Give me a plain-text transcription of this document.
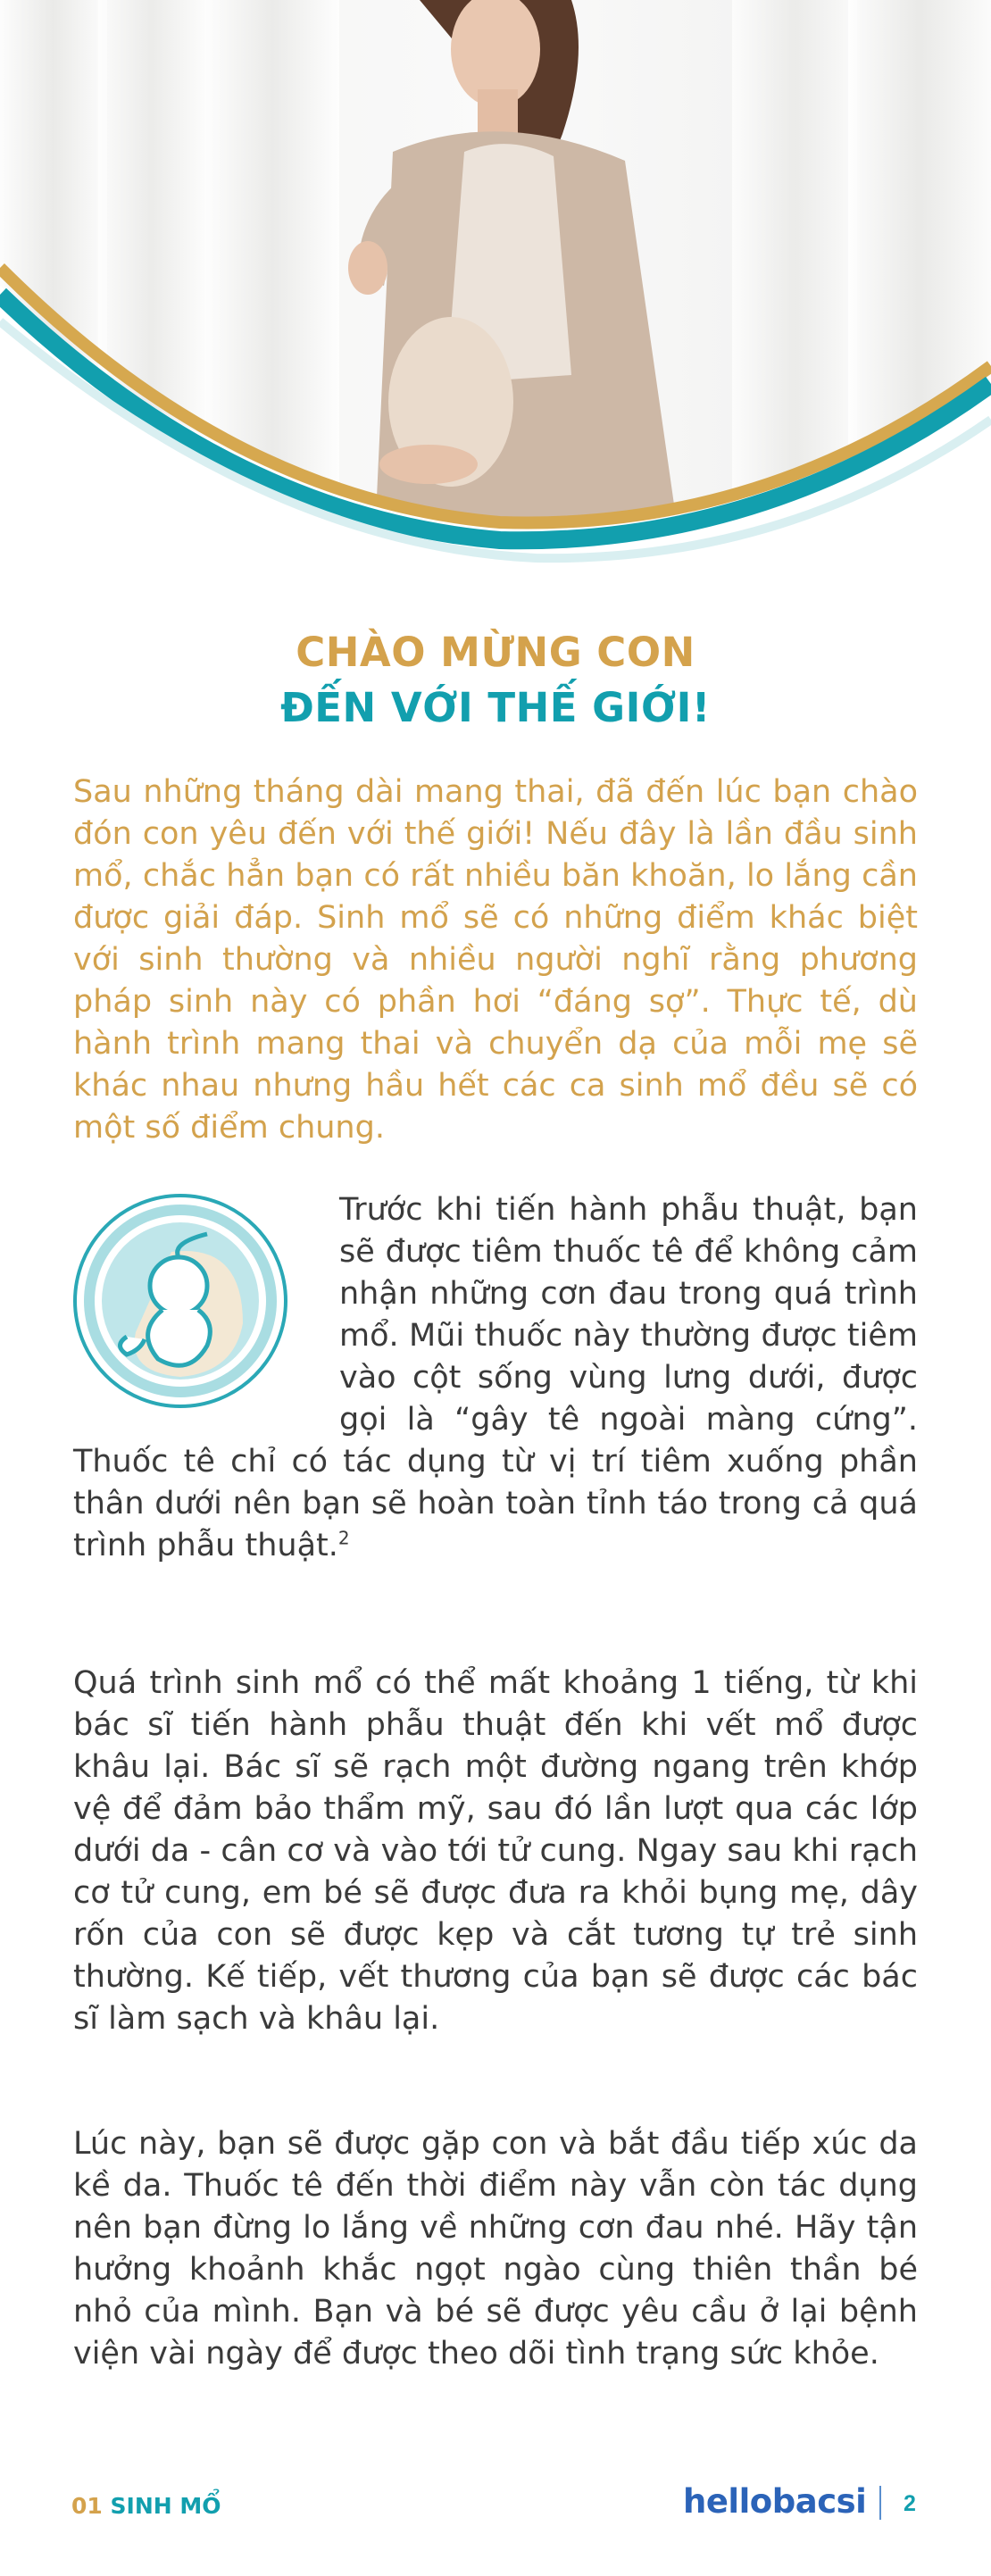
CHÀO MỪNG CON
ĐẾN VỚI THẾ GIỚI!
Sau những tháng dài mang thai, đã đến lúc bạn chào đón con yêu đến với thế giới! Nếu đây là lần đầu sinh mổ, chắc hẳn bạn có rất nhiều băn khoăn, lo lắng cần được giải đáp. Sinh mổ sẽ có những điểm khác biệt với sinh thường và nhiều người nghĩ rằng phương pháp sinh này có phần hơi “đáng sợ”. Thực tế, dù hành trình mang thai và chuyển dạ của mỗi mẹ sẽ khác nhau nhưng hầu hết các ca sinh mổ đều sẽ có một số điểm chung.
Trước khi tiến hành phẫu thuật, bạn sẽ được tiêm thuốc tê để không cảm nhận những cơn đau trong quá trình mổ. Mũi thuốc này thường được tiêm vào cột sống vùng lưng dưới, được gọi là “gây tê ngoài màng cứng”. Thuốc tê chỉ có tác dụng từ vị trí tiêm xuống phần thân dưới nên bạn sẽ hoàn toàn tỉnh táo trong cả quá trình phẫu thuật.$^2$
Quá trình sinh mổ có thể mất khoảng 1 tiếng, từ khi bác sĩ tiến hành phẫu thuật đến khi vết mổ được khâu lại. Bác sĩ sẽ rạch một đường ngang trên khớp vệ để đảm bảo thẩm mỹ, sau đó lần lượt qua các lớp dưới da - cân cơ và vào tới tử cung. Ngay sau khi rạch cơ tử cung, em bé sẽ được đưa ra khỏi bụng mẹ, dây rốn của con sẽ được kẹp và cắt tương tự trẻ sinh thường. Kế tiếp, vết thương của bạn sẽ được các bác sĩ làm sạch và khâu lại.
Lúc này, bạn sẽ được gặp con và bắt đầu tiếp xúc da kề da. Thuốc tê đến thời điểm này vẫn còn tác dụng nên bạn đừng lo lắng về những cơn đau nhé. Hãy tận hưởng khoảnh khắc ngọt ngào cùng thiên thần bé nhỏ của mình. Bạn và bé sẽ được yêu cầu ở lại bệnh viện vài ngày để được theo dõi tình trạng sức khỏe.
01 SINH MỔ	hellobacsi 2
